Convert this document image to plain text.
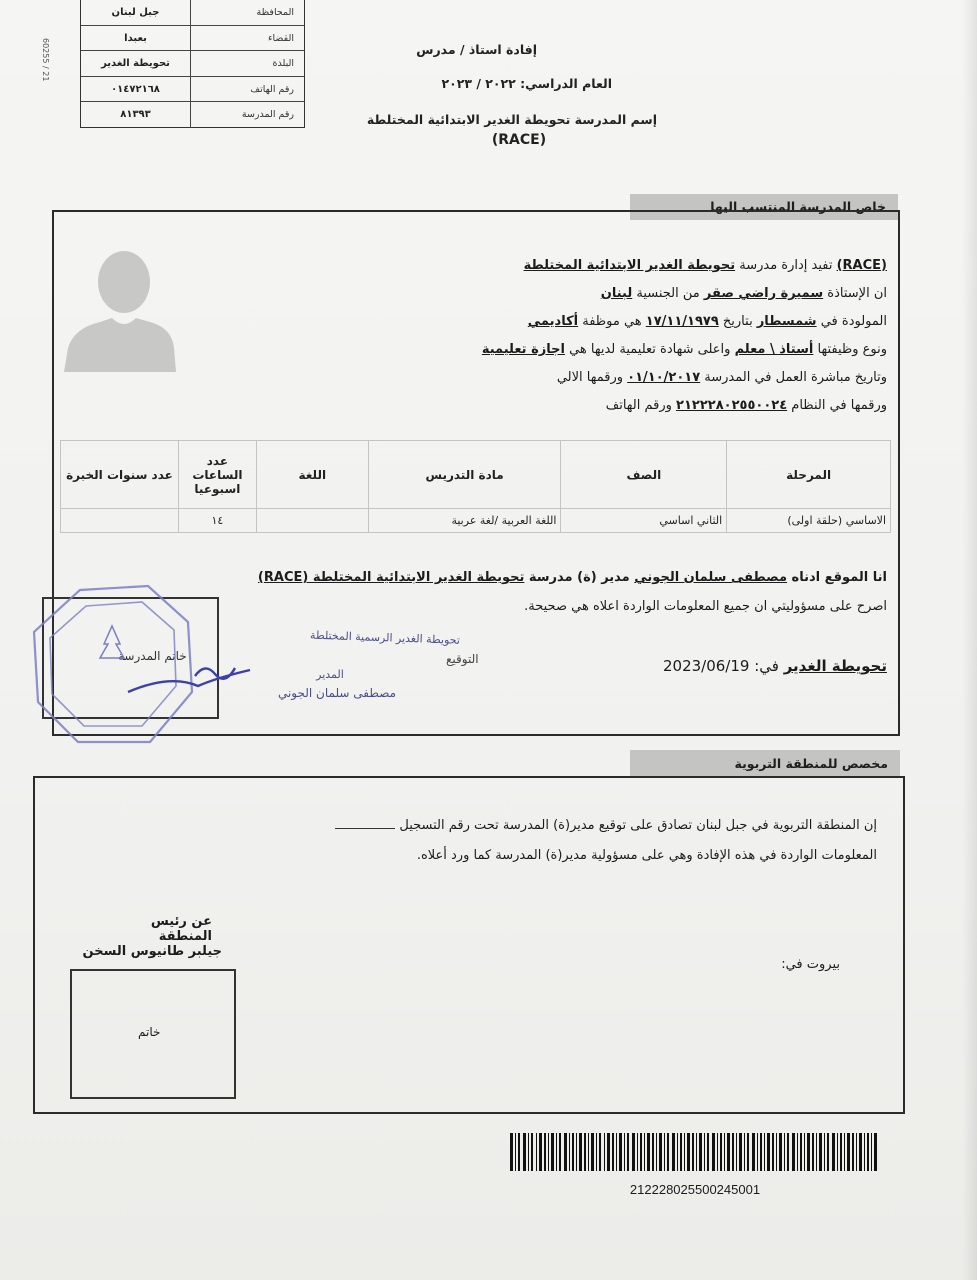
60255 / 21
جبل لبنان	المحافظة
بعبدا	القضاء
تحويطة الغدير	البلدة
٠١٤٧٢١٦٨	رقم الهاتف
٨١٣٩٣	رقم المدرسة
إفادة استاذ / مدرس
العام الدراسي: ٢٠٢٢ / ٢٠٢٣
إسم المدرسة تحويطة الغدير الابتدائية المختلطة
(RACE)
خاص المدرسة المنتسب اليها
(RACE) تفيد إدارة مدرسة تحويطة الغدير الابتدائية المختلطة
ان الإستاذة سميرة راضي صقر من الجنسية لبنان
المولودة في شمسطار بتاريخ ١٧/١١/١٩٧٩ هي موظفة أكاديمي
ونوع وظيفتها أستاذ \ معلم واعلى شهادة تعليمية لديها هي اجازة تعليمية
وتاريخ مباشرة العمل في المدرسة ٠١/١٠/٢٠١٧ ورقمها الالي
ورقمها في النظام ٢١٢٢٢٨٠٢٥٥٠٠٢٤ ورقم الهاتف
المرحلة	الصف	مادة التدريس	اللغة	عدد الساعات اسبوعيا	عدد سنوات الخبرة
الاساسي (حلقة اولى)	الثاني اساسي	اللغة العربية /لغة عربية		١٤	
انا الموقع ادناه مصطفى سلمان الجوني مدير (ة) مدرسة تحويطة الغدير الابتدائية المختلطة (RACE)
اصرح على مسؤوليتي ان جميع المعلومات الواردة اعلاه هي صحيحة.
تحويطة الغدير في: 2023/06/19
التوقيع
تحويطة الغدير الرسمية المختلطة
المدير
مصطفى سلمان الجوني
خاتم المدرسة
مخصص للمنطقة التربوية
إن المنطقة التربوية في جبل لبنان تصادق على توقيع مدير(ة) المدرسة تحت رقم التسجيل
المعلومات الواردة في هذه الإفادة وهي على مسؤولية مدير(ة) المدرسة كما ورد أعلاه.
عن رئيس المنطقة
جيلبر طانيوس السخن
خاتم
بيروت في:
212228025500245001
